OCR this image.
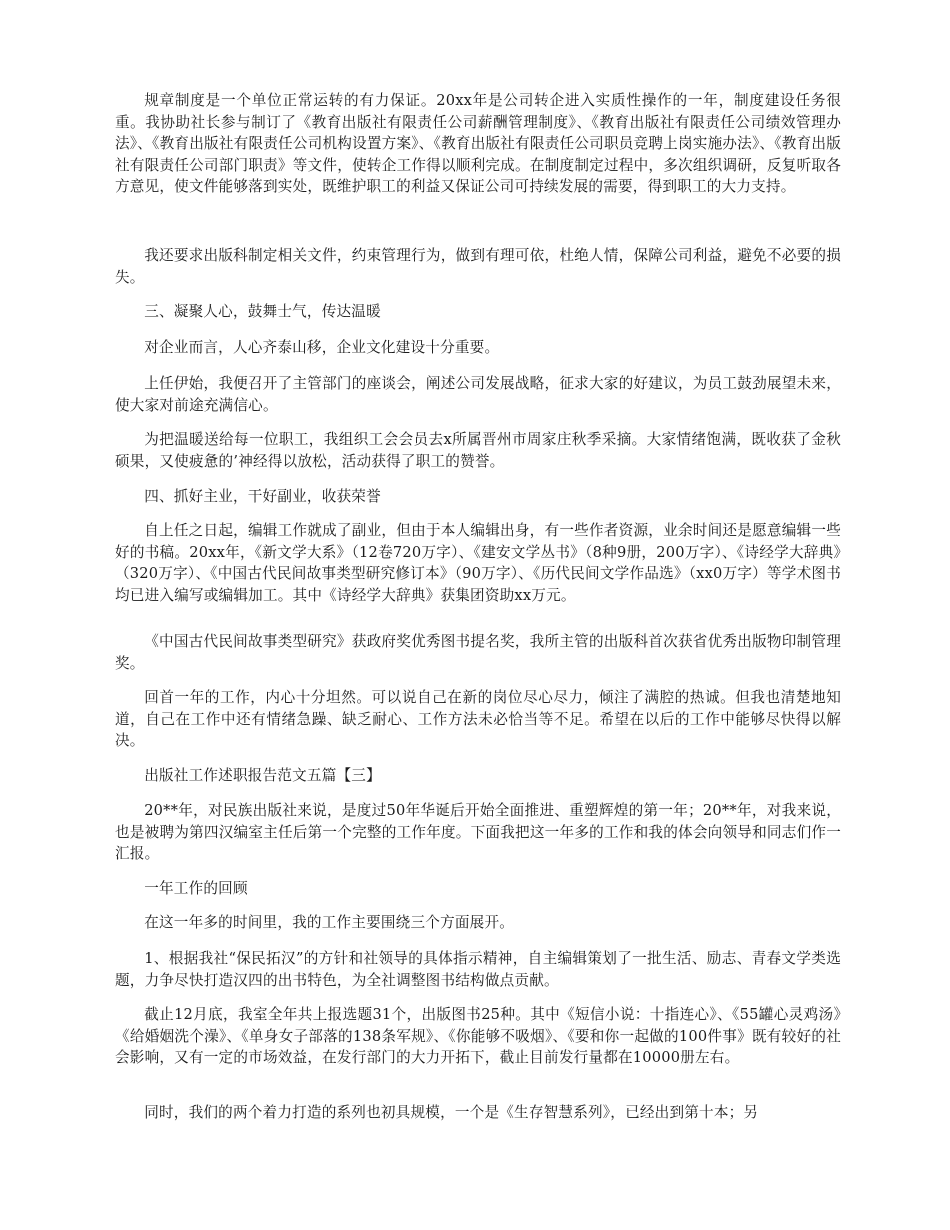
规章制度是一个单位正常运转的有力保证。20xx年是公司转企进入实质性操作的一年，制度建设任务很重。我协助社长参与制订了《教育出版社有限责任公司薪酬管理制度》、《教育出版社有限责任公司绩效管理办法》、《教育出版社有限责任公司机构设置方案》、《教育出版社有限责任公司职员竞聘上岗实施办法》、《教育出版社有限责任公司部门职责》等文件，使转企工作得以顺利完成。在制度制定过程中，多次组织调研，反复听取各方意见，使文件能够落到实处，既维护职工的利益又保证公司可持续发展的需要，得到职工的大力支持。

我还要求出版科制定相关文件，约束管理行为，做到有理可依，杜绝人情，保障公司利益，避免不必要的损失。

三、凝聚人心，鼓舞士气，传达温暖

对企业而言，人心齐泰山移，企业文化建设十分重要。

上任伊始，我便召开了主管部门的座谈会，阐述公司发展战略，征求大家的好建议，为员工鼓劲展望未来，使大家对前途充满信心。

为把温暖送给每一位职工，我组织工会会员去x所属晋州市周家庄秋季采摘。大家情绪饱满，既收获了金秋硕果，又使疲惫的’神经得以放松，活动获得了职工的赞誉。

四、抓好主业，干好副业，收获荣誉

自上任之日起，编辑工作就成了副业，但由于本人编辑出身，有一些作者资源，业余时间还是愿意编辑一些好的书稿。20xx年，《新文学大系》（12卷720万字）、《建安文学丛书》（8种9册，200万字）、《诗经学大辞典》（320万字）、《中国古代民间故事类型研究修订本》（90万字）、《历代民间文学作品选》（xx0万字）等学术图书均已进入编写或编辑加工。其中《诗经学大辞典》获集团资助xx万元。

《中国古代民间故事类型研究》获政府奖优秀图书提名奖，我所主管的出版科首次获省优秀出版物印制管理奖。

回首一年的工作，内心十分坦然。可以说自己在新的岗位尽心尽力，倾注了满腔的热诚。但我也清楚地知道，自己在工作中还有情绪急躁、缺乏耐心、工作方法未必恰当等不足。希望在以后的工作中能够尽快得以解决。

出版社工作述职报告范文五篇【三】

20**年，对民族出版社来说，是度过50年华诞后开始全面推进、重塑辉煌的第一年；20**年，对我来说，也是被聘为第四汉编室主任后第一个完整的工作年度。下面我把这一年多的工作和我的体会向领导和同志们作一汇报。

一年工作的回顾

在这一年多的时间里，我的工作主要围绕三个方面展开。

1、根据我社“保民拓汉”的方针和社领导的具体指示精神，自主编辑策划了一批生活、励志、青春文学类选题，力争尽快打造汉四的出书特色，为全社调整图书结构做点贡献。

截止12月底，我室全年共上报选题31个，出版图书25种。其中《短信小说：十指连心》、《55罐心灵鸡汤》《给婚姻洗个澡》、《单身女子部落的138条军规》、《你能够不吸烟》、《要和你一起做的100件事》既有较好的社会影响，又有一定的市场效益，在发行部门的大力开拓下，截止目前发行量都在10000册左右。

同时，我们的两个着力打造的系列也初具规模，一个是《生存智慧系列》，已经出到第十本；另
